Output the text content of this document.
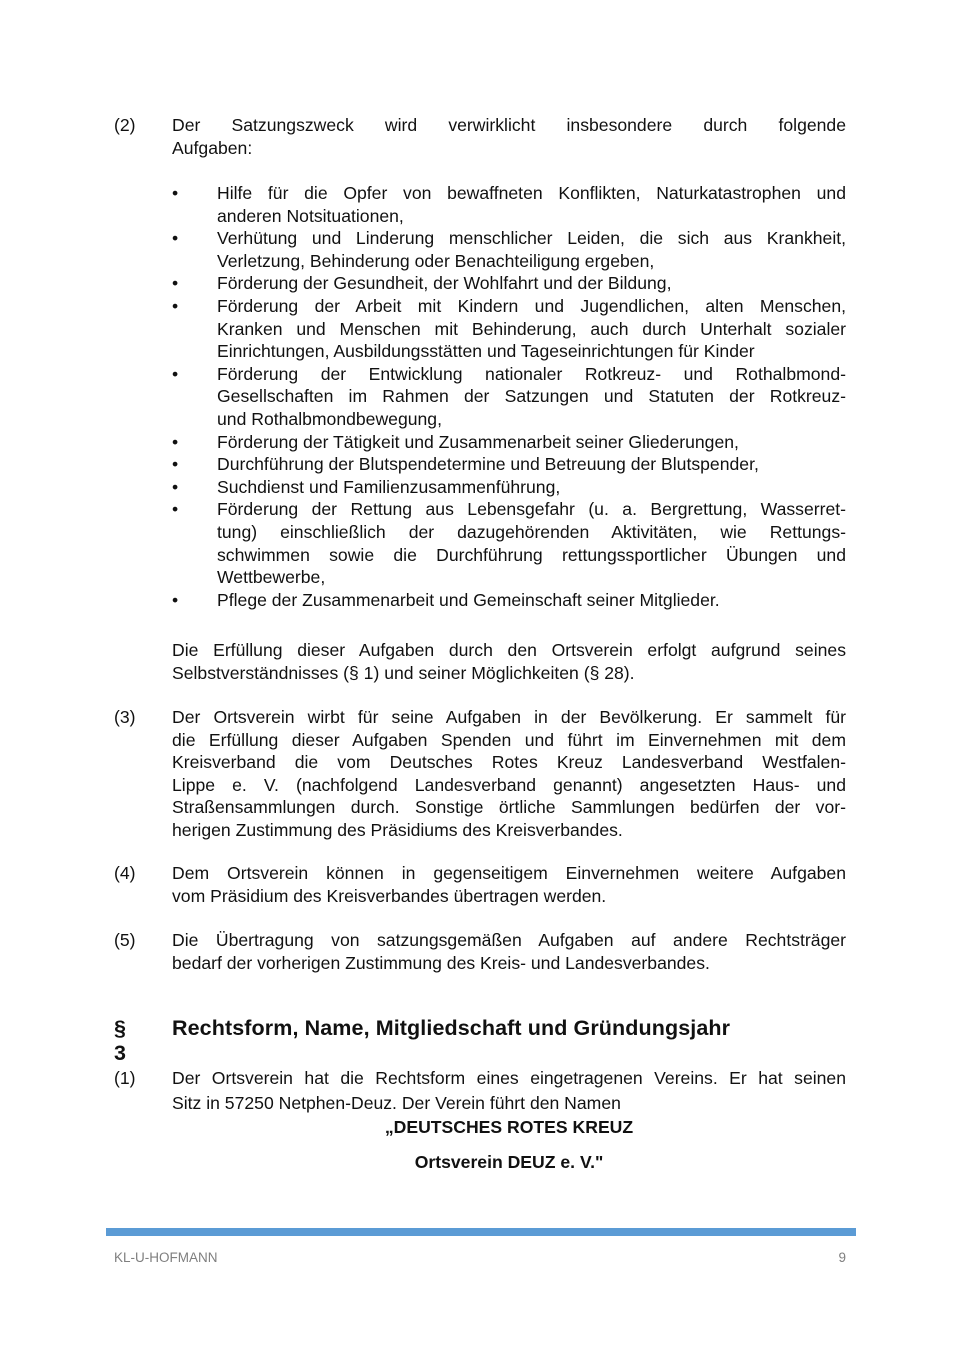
(2) Der Satzungszweck wird verwirklicht insbesondere durch folgende
Aufgaben:
• Hilfe für die Opfer von bewaffneten Konflikten, Naturkatastrophen und
anderen Notsituationen,
• Verhütung und Linderung menschlicher Leiden, die sich aus Krankheit,
Verletzung, Behinderung oder Benachteiligung ergeben,
• Förderung der Gesundheit, der Wohlfahrt und der Bildung,
• Förderung der Arbeit mit Kindern und Jugendlichen, alten Menschen,
Kranken und Menschen mit Behinderung, auch durch Unterhalt sozialer
Einrichtungen, Ausbildungsstätten und Tageseinrichtungen für Kinder
• Förderung der Entwicklung nationaler Rotkreuz- und Rothalbmond-
Gesellschaften im Rahmen der Satzungen und Statuten der Rotkreuz-
und Rothalbmondbewegung,
• Förderung der Tätigkeit und Zusammenarbeit seiner Gliederungen,
• Durchführung der Blutspendetermine und Betreuung der Blutspender,
• Suchdienst und Familienzusammenführung,
• Förderung der Rettung aus Lebensgefahr (u. a. Bergrettung, Wasserret-
tung) einschließlich der dazugehörenden Aktivitäten, wie Rettungs-
schwimmen sowie die Durchführung rettungssportlicher Übungen und
Wettbewerbe,
• Pflege der Zusammenarbeit und Gemeinschaft seiner Mitglieder.
Die Erfüllung dieser Aufgaben durch den Ortsverein erfolgt aufgrund seines
Selbstverständnisses (§ 1) und seiner Möglichkeiten (§ 28).
(3) Der Ortsverein wirbt für seine Aufgaben in der Bevölkerung. Er sammelt für
die Erfüllung dieser Aufgaben Spenden und führt im Einvernehmen mit dem
Kreisverband die vom Deutsches Rotes Kreuz Landesverband Westfalen-
Lippe e. V. (nachfolgend Landesverband genannt) angesetzten Haus- und
Straßensammlungen durch. Sonstige örtliche Sammlungen bedürfen der vor-
herigen Zustimmung des Präsidiums des Kreisverbandes.
(4) Dem Ortsverein können in gegenseitigem Einvernehmen weitere Aufgaben
vom Präsidium des Kreisverbandes übertragen werden.
(5) Die Übertragung von satzungsgemäßen Aufgaben auf andere Rechtsträger
bedarf der vorherigen Zustimmung des Kreis- und Landesverbandes.
§ 3
Rechtsform, Name, Mitgliedschaft und Gründungsjahr
(1) Der Ortsverein hat die Rechtsform eines eingetragenen Vereins. Er hat seinen
Sitz in 57250 Netphen-Deuz. Der Verein führt den Namen
„DEUTSCHES ROTES KREUZ
Ortsverein DEUZ e. V."
KL-U-HOFMANN	9
